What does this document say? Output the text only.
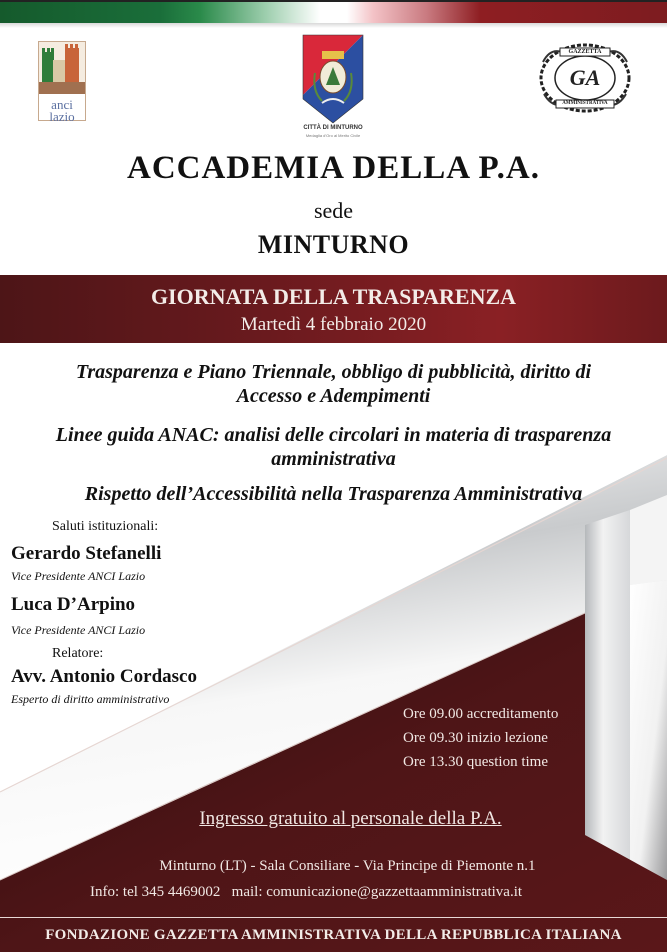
anci
lazio
CITTÀ DI MINTURNO
Medaglia d'Oro al Merito Civile
GA
GAZZETTA
AMMINISTRATIVA
ACCADEMIA DELLA P.A.
sede
MINTURNO
GIORNATA DELLA TRASPARENZA
Martedì 4 febbraio 2020
Trasparenza e Piano Triennale, obbligo di pubblicità, diritto di
Accesso e Adempimenti
Linee guida ANAC: analisi delle circolari in materia di trasparenza
amministrativa
Rispetto dell’Accessibilità nella Trasparenza Amministrativa
Saluti istituzionali:
Gerardo Stefanelli
Vice Presidente ANCI Lazio
Luca D’Arpino
Vice Presidente ANCI Lazio
Relatore:
Avv. Antonio Cordasco
Esperto di diritto amministrativo
Ore 09.00 accreditamento
Ore 09.30 inizio lezione
Ore 13.30 question time
Ingresso gratuito al personale della P.A.
Minturno (LT) - Sala Consiliare - Via Principe di Piemonte n.1
Info: tel 345 4469002 mail: comunicazione@gazzettaamministrativa.it
FONDAZIONE GAZZETTA AMMINISTRATIVA DELLA REPUBBLICA ITALIANA
